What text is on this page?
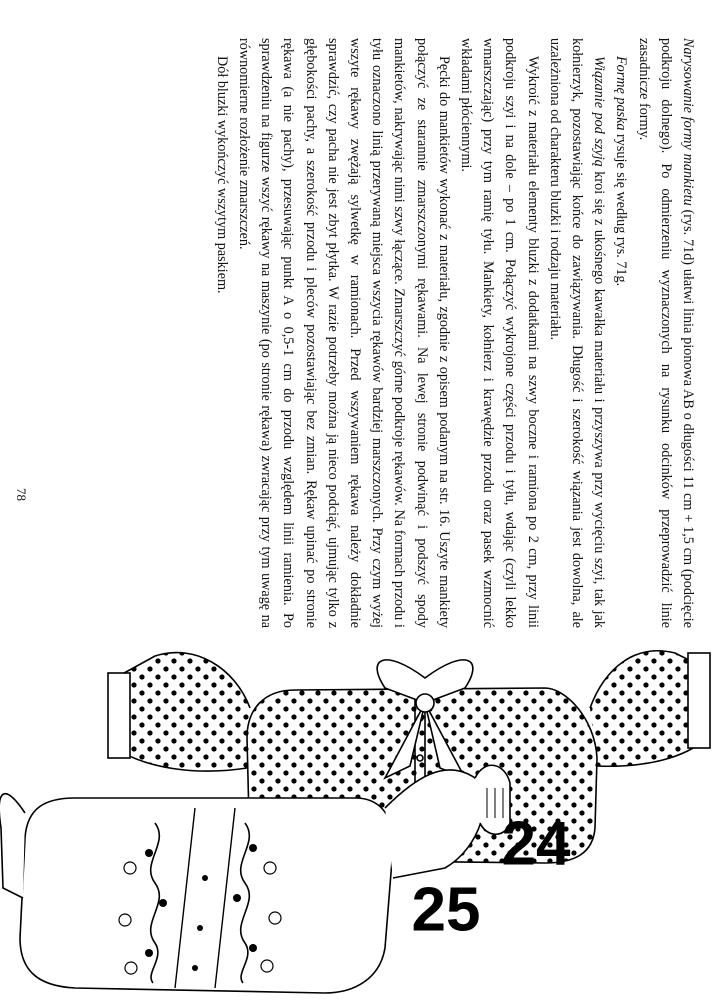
Narysowanie formy mankietu (rys. 71d) ułatwi linia pionowa AB o długości 11 cm + 1,5 cm (podcięcie podkroju dolnego). Po odmierzeniu wyznaczonych na rysunku odcinków przeprowadzić linie zasadnicze formy.

Formę paska rysuje się według rys. 71g.

Wiązanie pod szyją kroi się z ukośnego kawałka materiału i przyszywa przy wycięciu szyi, tak jak kołnierzyk, pozostawiając końce do zawiązywania. Długość i szerokość wiązania jest dowolna, ale uzależniona od charakteru bluzki i rodzaju materiału.

Wykroić z materiału elementy bluzki z dodatkami na szwy boczne i ramiona po 2 cm, przy linii podkroju szyi i na dole – po 1 cm. Połączyć wykrojone części przodu i tyłu, wdając (czyli lekko wmarszczając) przy tym ramię tyłu. Mankiety, kołnierz i krawędzie przodu oraz pasek wzmocnić wkładami płóciennymi.

Pęcki do mankietów wykonać z materiału, zgodnie z opisem podanym na str. 16. Uszyte mankiety połączyć ze starannie zmarszczonymi rękawami. Na lewej stronie podwinąć i podszyć spody mankietów, nakrywając nimi szwy łączące. Zmarszczyć górne podkroje rękawów. Na formach przodu i tyłu oznaczono linią przerywaną miejsca wszycia rękawów bardziej marszczonych. Przy czym wyżej wszyte rękawy zwężają sylwetkę w ramionach. Przed wszywaniem rękawa należy dokładnie sprawdzić, czy pacha nie jest zbyt płytka. W razie potrzeby można ją nieco podciąć, ujmując tylko z głębokości pachy, a szerokość przodu i pleców pozostawiając bez zmian. Rękaw upinać po stronie rękawa (a nie pachy), przesuwając punkt A o 0,5-1 cm do przodu względem linii ramienia. Po sprawdzeniu na figurze wszyć rękawy na maszynie (po stronie rękawa) zwracając przy tym uwagę na równomierne rozłożenie zmarszczeń.

Dół bluzki wykończyć wszytym paskiem.

78
24
25
